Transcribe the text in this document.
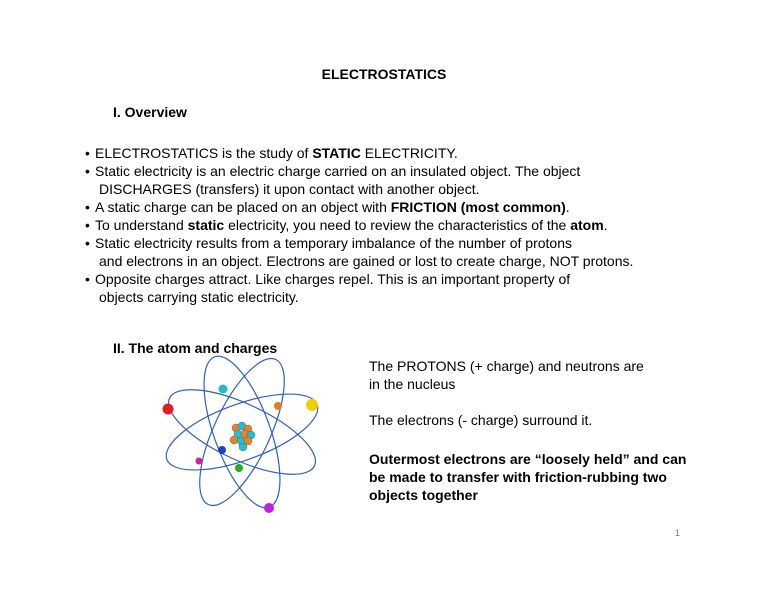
ELECTROSTATICS
I. Overview
• ELECTROSTATICS is the study of STATIC ELECTRICITY.
• Static electricity is an electric charge carried on an insulated object. The object
DISCHARGES (transfers) it upon contact with another object.
• A static charge can be placed on an object with FRICTION (most common).
• To understand static electricity, you need to review the characteristics of the atom.
• Static electricity results from a temporary imbalance of the number of protons
and electrons in an object. Electrons are gained or lost to create charge, NOT protons.
• Opposite charges attract. Like charges repel. This is an important property of
objects carrying static electricity.
II. The atom and charges
The PROTONS (+ charge) and neutrons are
in the nucleus
The electrons (- charge) surround it.
Outermost electrons are “loosely held” and can
be made to transfer with friction-rubbing two
objects together
1
